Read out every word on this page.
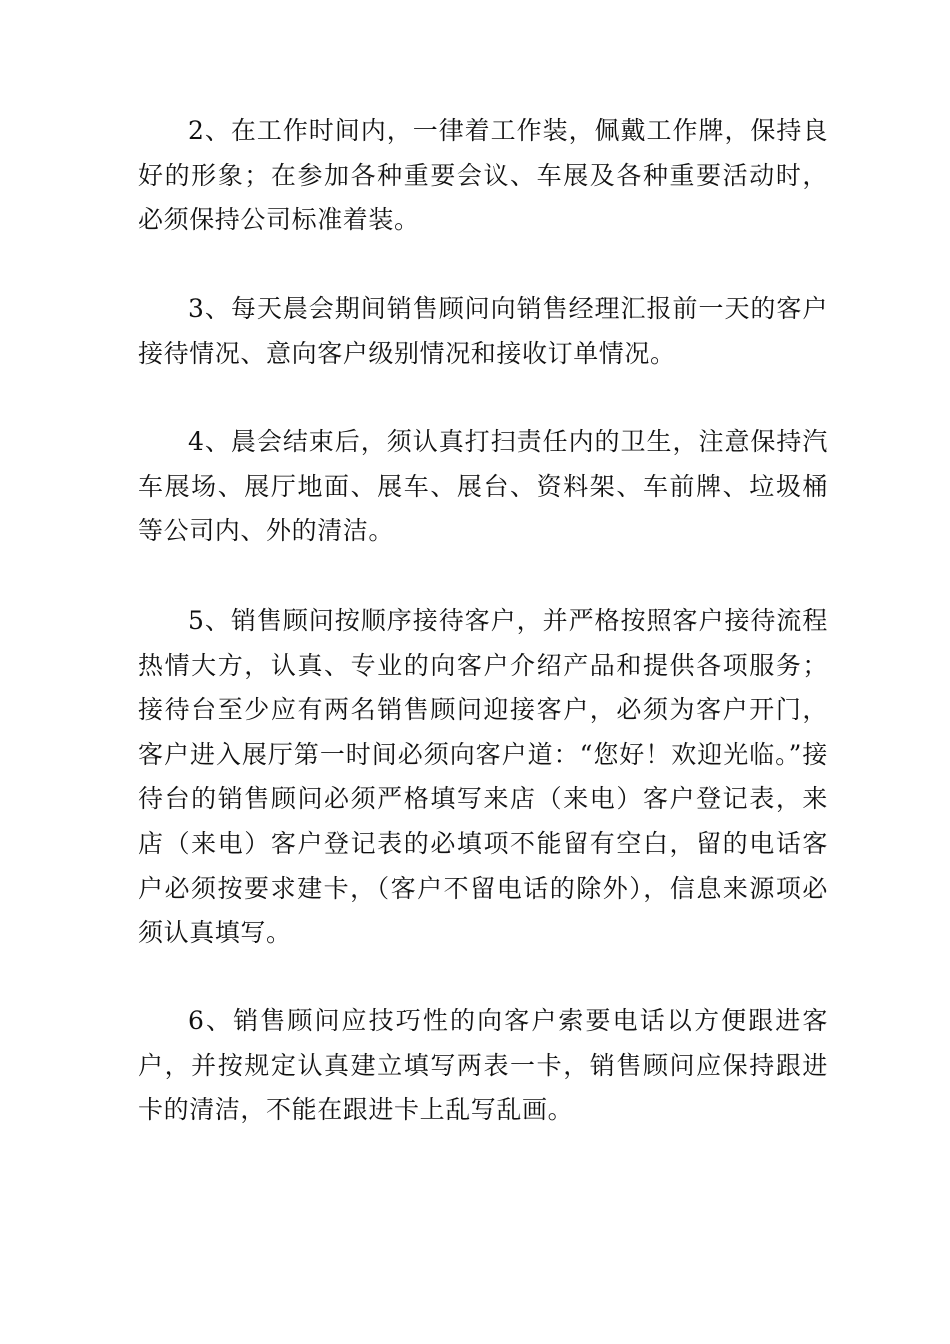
2、在工作时间内，一律着工作装，佩戴工作牌，保持良好的形象；在参加各种重要会议、车展及各种重要活动时，必须保持公司标准着装。

3、每天晨会期间销售顾问向销售经理汇报前一天的客户接待情况、意向客户级别情况和接收订单情况。

4、晨会结束后，须认真打扫责任内的卫生，注意保持汽车展场、展厅地面、展车、展台、资料架、车前牌、垃圾桶等公司内、外的清洁。

5、销售顾问按顺序接待客户，并严格按照客户接待流程热情大方，认真、专业的向客户介绍产品和提供各项服务；接待台至少应有两名销售顾问迎接客户，必须为客户开门，客户进入展厅第一时间必须向客户道：“您好！欢迎光临。”接待台的销售顾问必须严格填写来店（来电）客户登记表，来店（来电）客户登记表的必填项不能留有空白，留的电话客户必须按要求建卡，（客户不留电话的除外），信息来源项必须认真填写。

6、销售顾问应技巧性的向客户索要电话以方便跟进客户，并按规定认真建立填写两表一卡，销售顾问应保持跟进卡的清洁，不能在跟进卡上乱写乱画。
